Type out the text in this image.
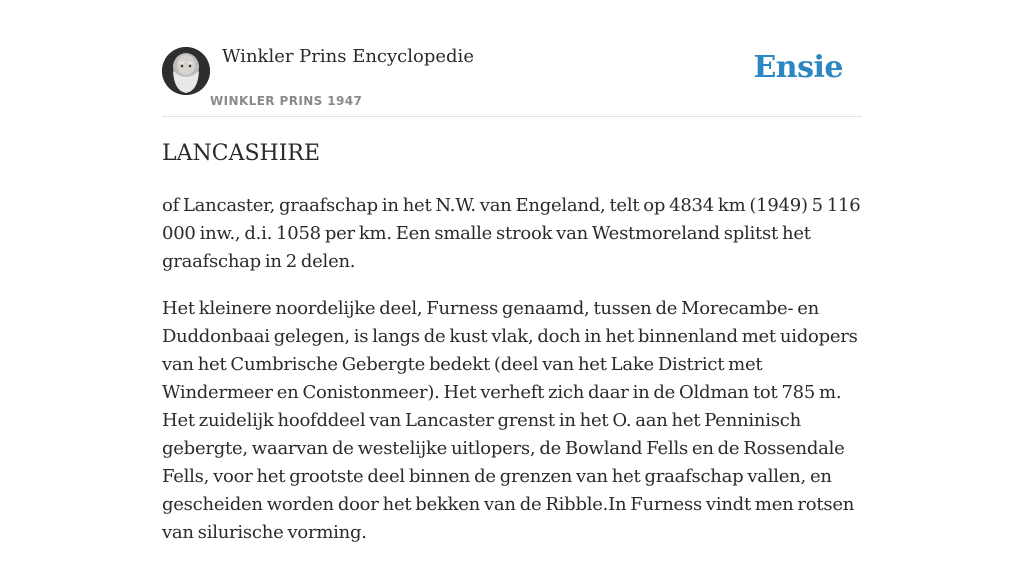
Winkler Prins Encyclopedie
WINKLER PRINS 1947
Ensie
LANCASHIRE

of Lancaster, graafschap in het N.W. van Engeland, telt op 4834 km (1949) 5 116 000 inw., d.i. 1058 per km. Een smalle strook van Westmoreland splitst het graafschap in 2 delen.

Het kleinere noordelijke deel, Furness genaamd, tussen de Morecambe- en Duddonbaai gelegen, is langs de kust vlak, doch in het binnenland met uidopers van het Cumbrische Gebergte bedekt (deel van het Lake District met Windermeer en Conistonmeer). Het verheft zich daar in de Oldman tot 785 m. Het zuidelijk hoofddeel van Lancaster grenst in het O. aan het Penninisch gebergte, waarvan de westelijke uitlopers, de Bowland Fells en de Rossendale Fells, voor het grootste deel binnen de grenzen van het graafschap vallen, en gescheiden worden door het bekken van de Ribble.In Furness vindt men rotsen van silurische vorming.
